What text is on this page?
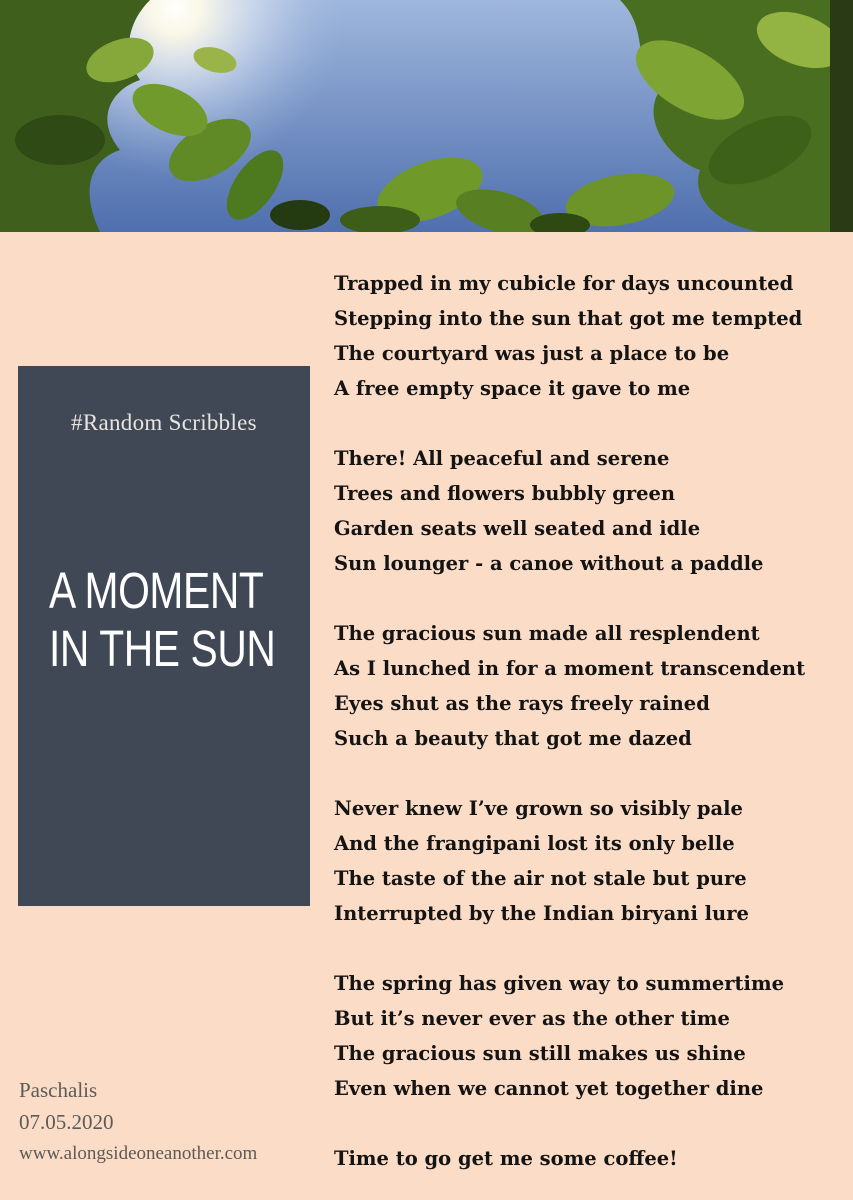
#Random Scribbles
A MOMENT
IN THE SUN
Trapped in my cubicle for days uncounted
Stepping into the sun that got me tempted
The courtyard was just a place to be
A free empty space it gave to me
There! All peaceful and serene
Trees and flowers bubbly green
Garden seats well seated and idle
Sun lounger - a canoe without a paddle
The gracious sun made all resplendent
As I lunched in for a moment transcendent
Eyes shut as the rays freely rained
Such a beauty that got me dazed
Never knew I’ve grown so visibly pale
And the frangipani lost its only belle
The taste of the air not stale but pure
Interrupted by the Indian biryani lure
The spring has given way to summertime
But it’s never ever as the other time
The gracious sun still makes us shine
Even when we cannot yet together dine
Time to go get me some coffee!
Paschalis
07.05.2020
www.alongsideoneanother.com
